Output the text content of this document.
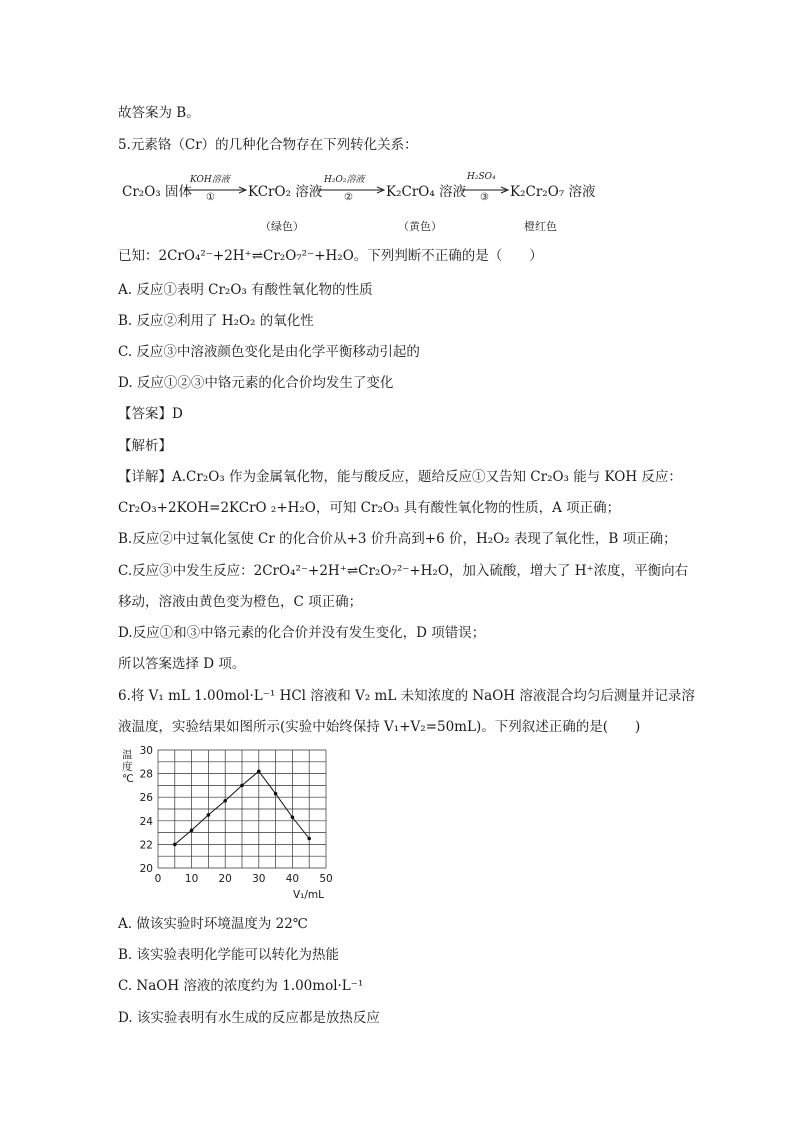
故答案为 B。
5.元素铬（Cr）的几种化合物存在下列转化关系：
Cr₂O₃ 固体
KOH溶液
① KCrO₂ 溶液
H₂O₂溶液
② K₂CrO₄ 溶液
H₂SO₄
③ K₂Cr₂O₇ 溶液
（绿色）	（黄色）	橙红色
已知：2CrO₄²⁻+2H⁺⇌Cr₂O₇²⁻+H₂O。下列判断不正确的是（　　）
A. 反应①表明 Cr₂O₃ 有酸性氧化物的性质
B. 反应②利用了 H₂O₂ 的氧化性
C. 反应③中溶液颜色变化是由化学平衡移动引起的
D. 反应①②③中铬元素的化合价均发生了变化
【答案】D
【解析】
【详解】A.Cr₂O₃ 作为金属氧化物，能与酸反应，题给反应①又告知 Cr₂O₃ 能与 KOH 反应：
Cr₂O₃+2KOH=2KCrO ₂+H₂O，可知 Cr₂O₃ 具有酸性氧化物的性质，A 项正确；
B.反应②中过氧化氢使 Cr 的化合价从+3 价升高到+6 价，H₂O₂ 表现了氧化性，B 项正确；
C.反应③中发生反应：2CrO₄²⁻+2H⁺⇌Cr₂O₇²⁻+H₂O，加入硫酸，增大了 H⁺浓度，平衡向右
移动，溶液由黄色变为橙色，C 项正确；
D.反应①和③中铬元素的化合价并没有发生变化，D 项错误；
所以答案选择 D 项。
6.将 V₁ mL 1.00mol·L⁻¹ HCl 溶液和 V₂ mL 未知浓度的 NaOH 溶液混合均匀后测量并记录溶
液温度，实验结果如图所示(实验中始终保持 V₁+V₂=50mL)。下列叙述正确的是(　　)
0 10 20 30 40 50
20
22
24
26
28
30
温度℃
V₁/mL
A. 做该实验时环境温度为 22℃
B. 该实验表明化学能可以转化为热能
C. NaOH 溶液的浓度约为 1.00mol·L⁻¹
D. 该实验表明有水生成的反应都是放热反应
